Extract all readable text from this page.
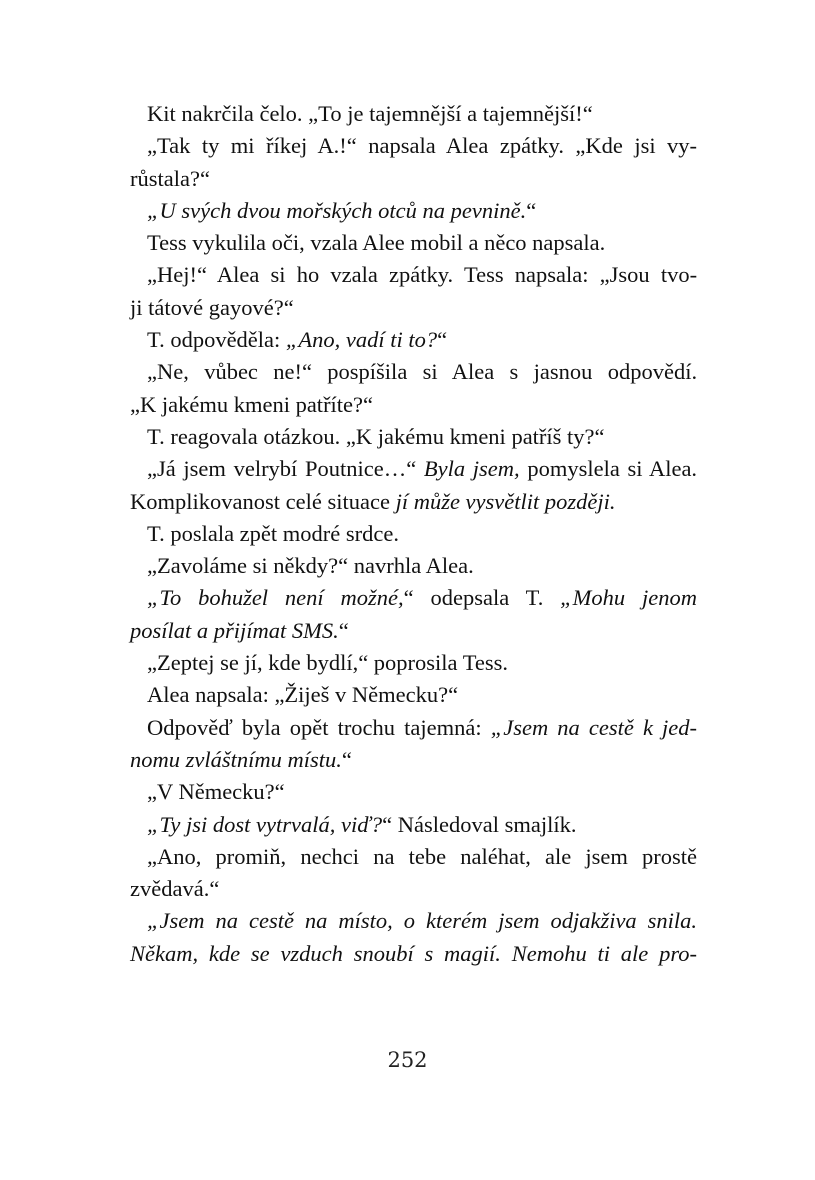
Kit nakrčila čelo. „To je tajemnější a tajemnější!“
„Tak ty mi říkej A.!“ napsala Alea zpátky. „Kde jsi vy-
růstala?“
„U svých dvou mořských otců na pevnině.“
Tess vykulila oči, vzala Alee mobil a něco napsala.
„Hej!“ Alea si ho vzala zpátky. Tess napsala: „Jsou tvo-
ji tátové gayové?“
T. odpověděla: „Ano, vadí ti to?“
„Ne, vůbec ne!“ pospíšila si Alea s jasnou odpovědí.
„K jakému kmeni patříte?“
T. reagovala otázkou. „K jakému kmeni patříš ty?“
„Já jsem velrybí Poutnice…“ Byla jsem, pomyslela si Alea.
Komplikovanost celé situace jí může vysvětlit později.
T. poslala zpět modré srdce.
„Zavoláme si někdy?“ navrhla Alea.
„To bohužel není možné,“ odepsala T. „Mohu jenom
posílat a přijímat SMS.“
„Zeptej se jí, kde bydlí,“ poprosila Tess.
Alea napsala: „Žiješ v Německu?“
Odpověď byla opět trochu tajemná: „Jsem na cestě k jed-
nomu zvláštnímu místu.“
„V Německu?“
„Ty jsi dost vytrvalá, viď?“ Následoval smajlík.
„Ano, promiň, nechci na tebe naléhat, ale jsem prostě
zvědavá.“
„Jsem na cestě na místo, o kterém jsem odjakživa snila.
Někam, kde se vzduch snoubí s magií. Nemohu ti ale pro-
252
